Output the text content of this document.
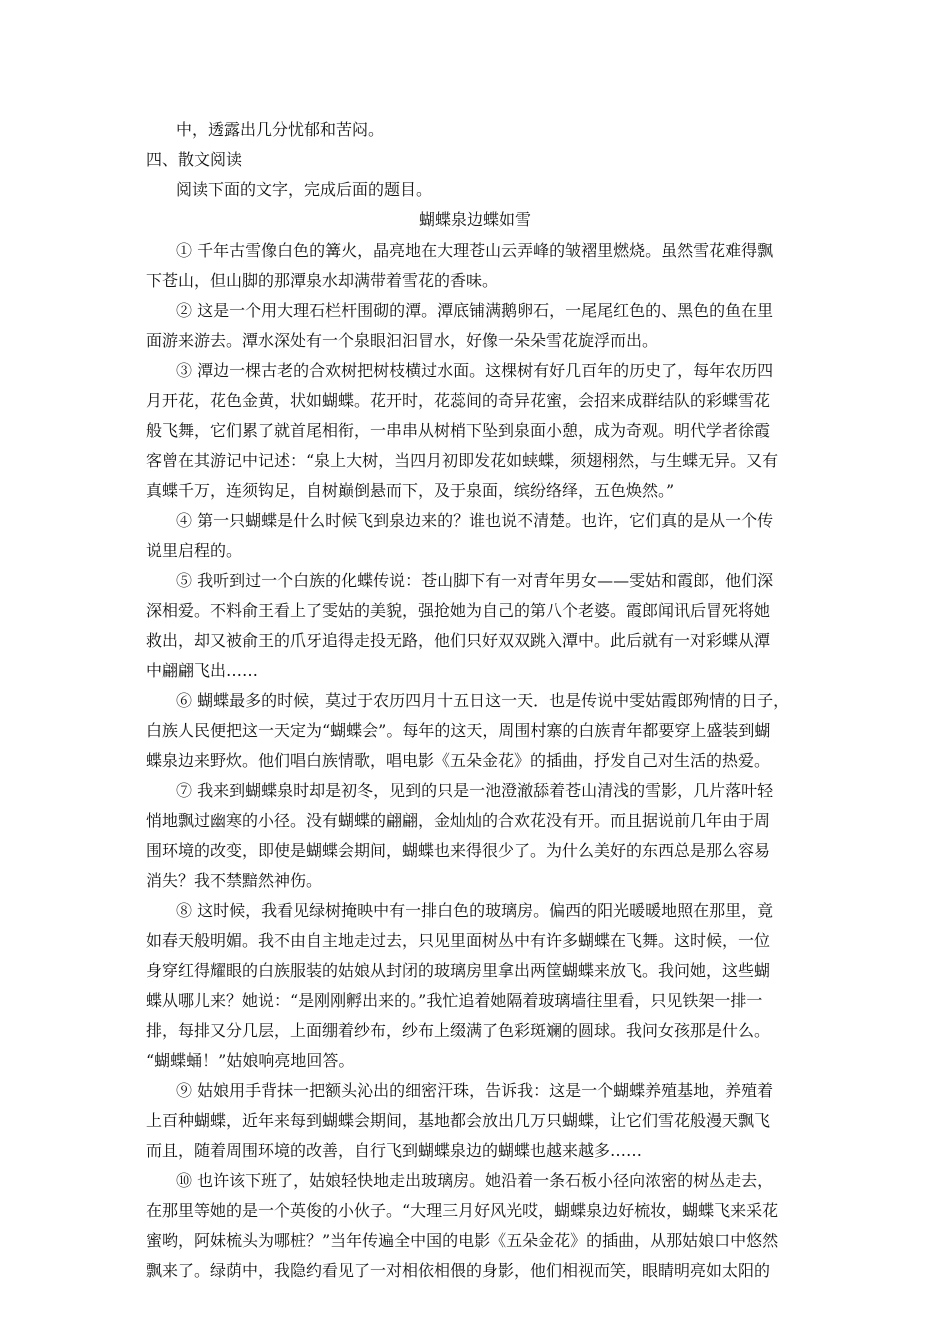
中，透露出几分忧郁和苦闷。
四、散文阅读
阅读下面的文字，完成后面的题目。
蝴蝶泉边蝶如雪
① 千年古雪像白色的篝火，晶亮地在大理苍山云弄峰的皱褶里燃烧。虽然雪花难得飘
下苍山，但山脚的那潭泉水却满带着雪花的香味。
② 这是一个用大理石栏杆围砌的潭。潭底铺满鹅卵石，一尾尾红色的、黑色的鱼在里
面游来游去。潭水深处有一个泉眼汩汩冒水，好像一朵朵雪花旋浮而出。
③ 潭边一棵古老的合欢树把树枝横过水面。这棵树有好几百年的历史了，每年农历四
月开花，花色金黄，状如蝴蝶。花开时，花蕊间的奇异花蜜，会招来成群结队的彩蝶雪花
般飞舞，它们累了就首尾相衔，一串串从树梢下坠到泉面小憩，成为奇观。明代学者徐霞
客曾在其游记中记述：“泉上大树，当四月初即发花如蛱蝶，须翅栩然，与生蝶无异。又有
真蝶千万，连须钩足，自树巅倒悬而下，及于泉面，缤纷络绎，五色焕然。”
④ 第一只蝴蝶是什么时候飞到泉边来的？谁也说不清楚。也许，它们真的是从一个传
说里启程的。
⑤ 我听到过一个白族的化蝶传说：苍山脚下有一对青年男女——雯姑和霞郎，他们深
深相爱。不料俞王看上了雯姑的美貌，强抢她为自己的第八个老婆。霞郎闻讯后冒死将她
救出，却又被俞王的爪牙追得走投无路，他们只好双双跳入潭中。此后就有一对彩蝶从潭
中翩翩飞出……
⑥ 蝴蝶最多的时候，莫过于农历四月十五日这一天．也是传说中雯姑霞郎殉情的日子，
白族人民便把这一天定为“蝴蝶会”。每年的这天，周围村寨的白族青年都要穿上盛装到蝴
蝶泉边来野炊。他们唱白族情歌，唱电影《五朵金花》的插曲，抒发自己对生活的热爱。
⑦ 我来到蝴蝶泉时却是初冬，见到的只是一池澄澈舔着苍山清浅的雪影，几片落叶轻
悄地飘过幽寒的小径。没有蝴蝶的翩翩，金灿灿的合欢花没有开。而且据说前几年由于周
围环境的改变，即使是蝴蝶会期间，蝴蝶也来得很少了。为什么美好的东西总是那么容易
消失？我不禁黯然神伤。
⑧ 这时候，我看见绿树掩映中有一排白色的玻璃房。偏西的阳光暖暖地照在那里，竟
如春天般明媚。我不由自主地走过去，只见里面树丛中有许多蝴蝶在飞舞。这时候，一位
身穿红得耀眼的白族服装的姑娘从封闭的玻璃房里拿出两筐蝴蝶来放飞。我问她，这些蝴
蝶从哪儿来？她说：“是刚刚孵出来的。”我忙追着她隔着玻璃墙往里看，只见铁架一排一
排，每排又分几层，上面绷着纱布，纱布上缀满了色彩斑斓的圆球。我问女孩那是什么。
“蝴蝶蛹！”姑娘响亮地回答。
⑨ 姑娘用手背抹一把额头沁出的细密汗珠，告诉我：这是一个蝴蝶养殖基地，养殖着
上百种蝴蝶，近年来每到蝴蝶会期间，基地都会放出几万只蝴蝶，让它们雪花般漫天飘飞
而且，随着周围环境的改善，自行飞到蝴蝶泉边的蝴蝶也越来越多……
⑩ 也许该下班了，姑娘轻快地走出玻璃房。她沿着一条石板小径向浓密的树丛走去，
在那里等她的是一个英俊的小伙子。“大理三月好风光哎，蝴蝶泉边好梳妆，蝴蝶飞来采花
蜜哟，阿妹梳头为哪桩？”当年传遍全中国的电影《五朵金花》的插曲，从那姑娘口中悠然
飘来了。绿荫中，我隐约看见了一对相依相偎的身影，他们相视而笑，眼睛明亮如太阳的
